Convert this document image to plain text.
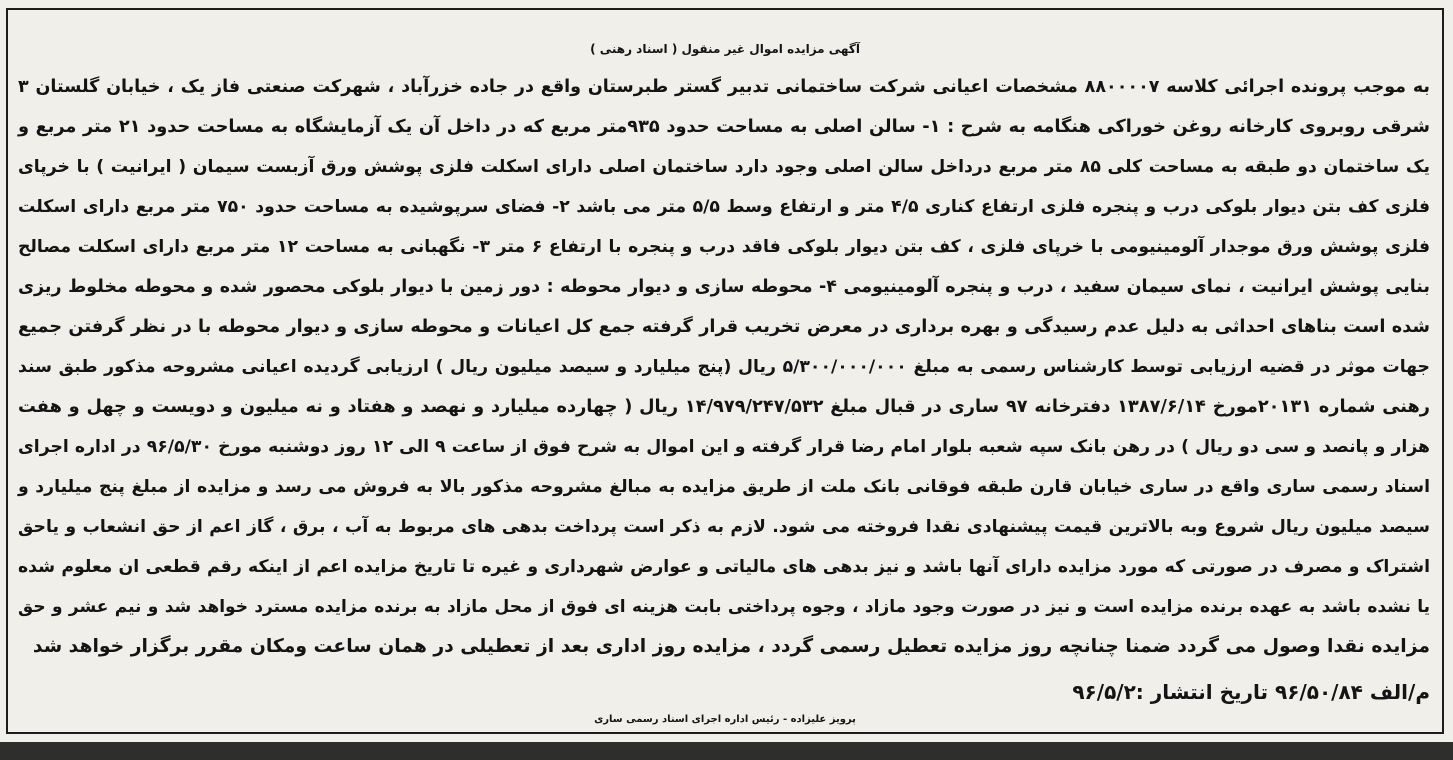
آگهی مزایده اموال غیر منقول ( اسناد رهنی )
به موجب پرونده اجرائی کلاسه ۸۸۰۰۰۰۷ مشخصات اعیانی شرکت ساختمانی تدبیر گستر طبرستان واقع در جاده خزرآباد ، شهرکت صنعتی فاز یک ، خیابان گلستان ۳
شرقی روبروی کارخانه روغن خوراکی هنگامه به شرح : ۱- سالن اصلی به مساحت حدود ۹۳۵متر مربع که در داخل آن یک آزمایشگاه به مساحت حدود ۲۱ متر مربع و
یک ساختمان دو طبقه به مساحت کلی ۸۵ متر مربع درداخل سالن اصلی وجود دارد ساختمان اصلی دارای اسکلت فلزی پوشش ورق آزبست سیمان ( ایرانیت ) با خرپای
فلزی کف بتن دیوار بلوکی درب و پنجره فلزی ارتفاع کناری ۴/۵ متر و ارتفاع وسط ۵/۵ متر می باشد ۲- فضای سرپوشیده به مساحت حدود ۷۵۰ متر مربع دارای اسکلت
فلزی پوشش ورق موجدار آلومینیومی با خرپای فلزی ، کف بتن دیوار بلوکی فاقد درب و پنجره با ارتفاع ۶ متر ۳- نگهبانی به مساحت ۱۲ متر مربع دارای اسکلت مصالح
بنایی پوشش ایرانیت ، نمای سیمان سفید ، درب و پنجره آلومینیومی ۴- محوطه سازی و دیوار محوطه : دور زمین با دیوار بلوکی محصور شده و محوطه مخلوط ریزی
شده است بناهای احداثی به دلیل عدم رسیدگی و بهره برداری در معرض تخریب قرار گرفته جمع کل اعیانات و محوطه سازی و دیوار محوطه با در نظر گرفتن جمیع
جهات موثر در قضیه ارزیابی توسط کارشناس رسمی به مبلغ ۵/۳۰۰/۰۰۰/۰۰۰ ریال (پنج میلیارد و سیصد میلیون ریال ) ارزیابی گردیده اعیانی مشروحه مذکور طبق سند
رهنی شماره ۲۰۱۳۱مورخ ۱۳۸۷/۶/۱۴ دفترخانه ۹۷ ساری در قبال مبلغ ۱۴/۹۷۹/۲۴۷/۵۳۲ ریال ( چهارده میلیارد و نهصد و هفتاد و نه میلیون و دویست و چهل و هفت
هزار و پانصد و سی دو ریال ) در رهن بانک سپه شعبه بلوار امام رضا قرار گرفته و این اموال به شرح فوق از ساعت ۹ الی ۱۲ روز دوشنبه مورخ ۹۶/۵/۳۰ در اداره اجرای
اسناد رسمی ساری واقع در ساری خیابان قارن طبقه فوقانی بانک ملت از طریق مزایده به مبالغ مشروحه مذکور بالا به فروش می رسد و مزایده از مبلغ پنج میلیارد و
سیصد میلیون ریال شروع وبه بالاترین قیمت پیشنهادی نقدا فروخته می شود. لازم به ذکر است پرداخت بدهی های مربوط به آب ، برق ، گاز اعم از حق انشعاب و یاحق
اشتراک و مصرف در صورتی که مورد مزایده دارای آنها باشد و نیز بدهی های مالیاتی و عوارض شهرداری و غیره تا تاریخ مزایده اعم از اینکه رقم قطعی ان معلوم شده
یا نشده باشد به عهده برنده مزایده است و نیز در صورت وجود مازاد ، وجوه پرداختی بابت هزینه ای فوق از محل مازاد به برنده مزایده مسترد خواهد شد و نیم عشر و حق
مزایده نقدا وصول می گردد ضمنا چنانچه روز مزایده تعطیل رسمی گردد ، مزایده روز اداری بعد از تعطیلی در همان ساعت ومکان مقرر برگزار خواهد شد
م/الف ۹۶/۵۰/۸۴ تاریخ انتشار :۹۶/۵/۲
پرویز علیزاده - رئیس اداره اجرای اسناد رسمی ساری
